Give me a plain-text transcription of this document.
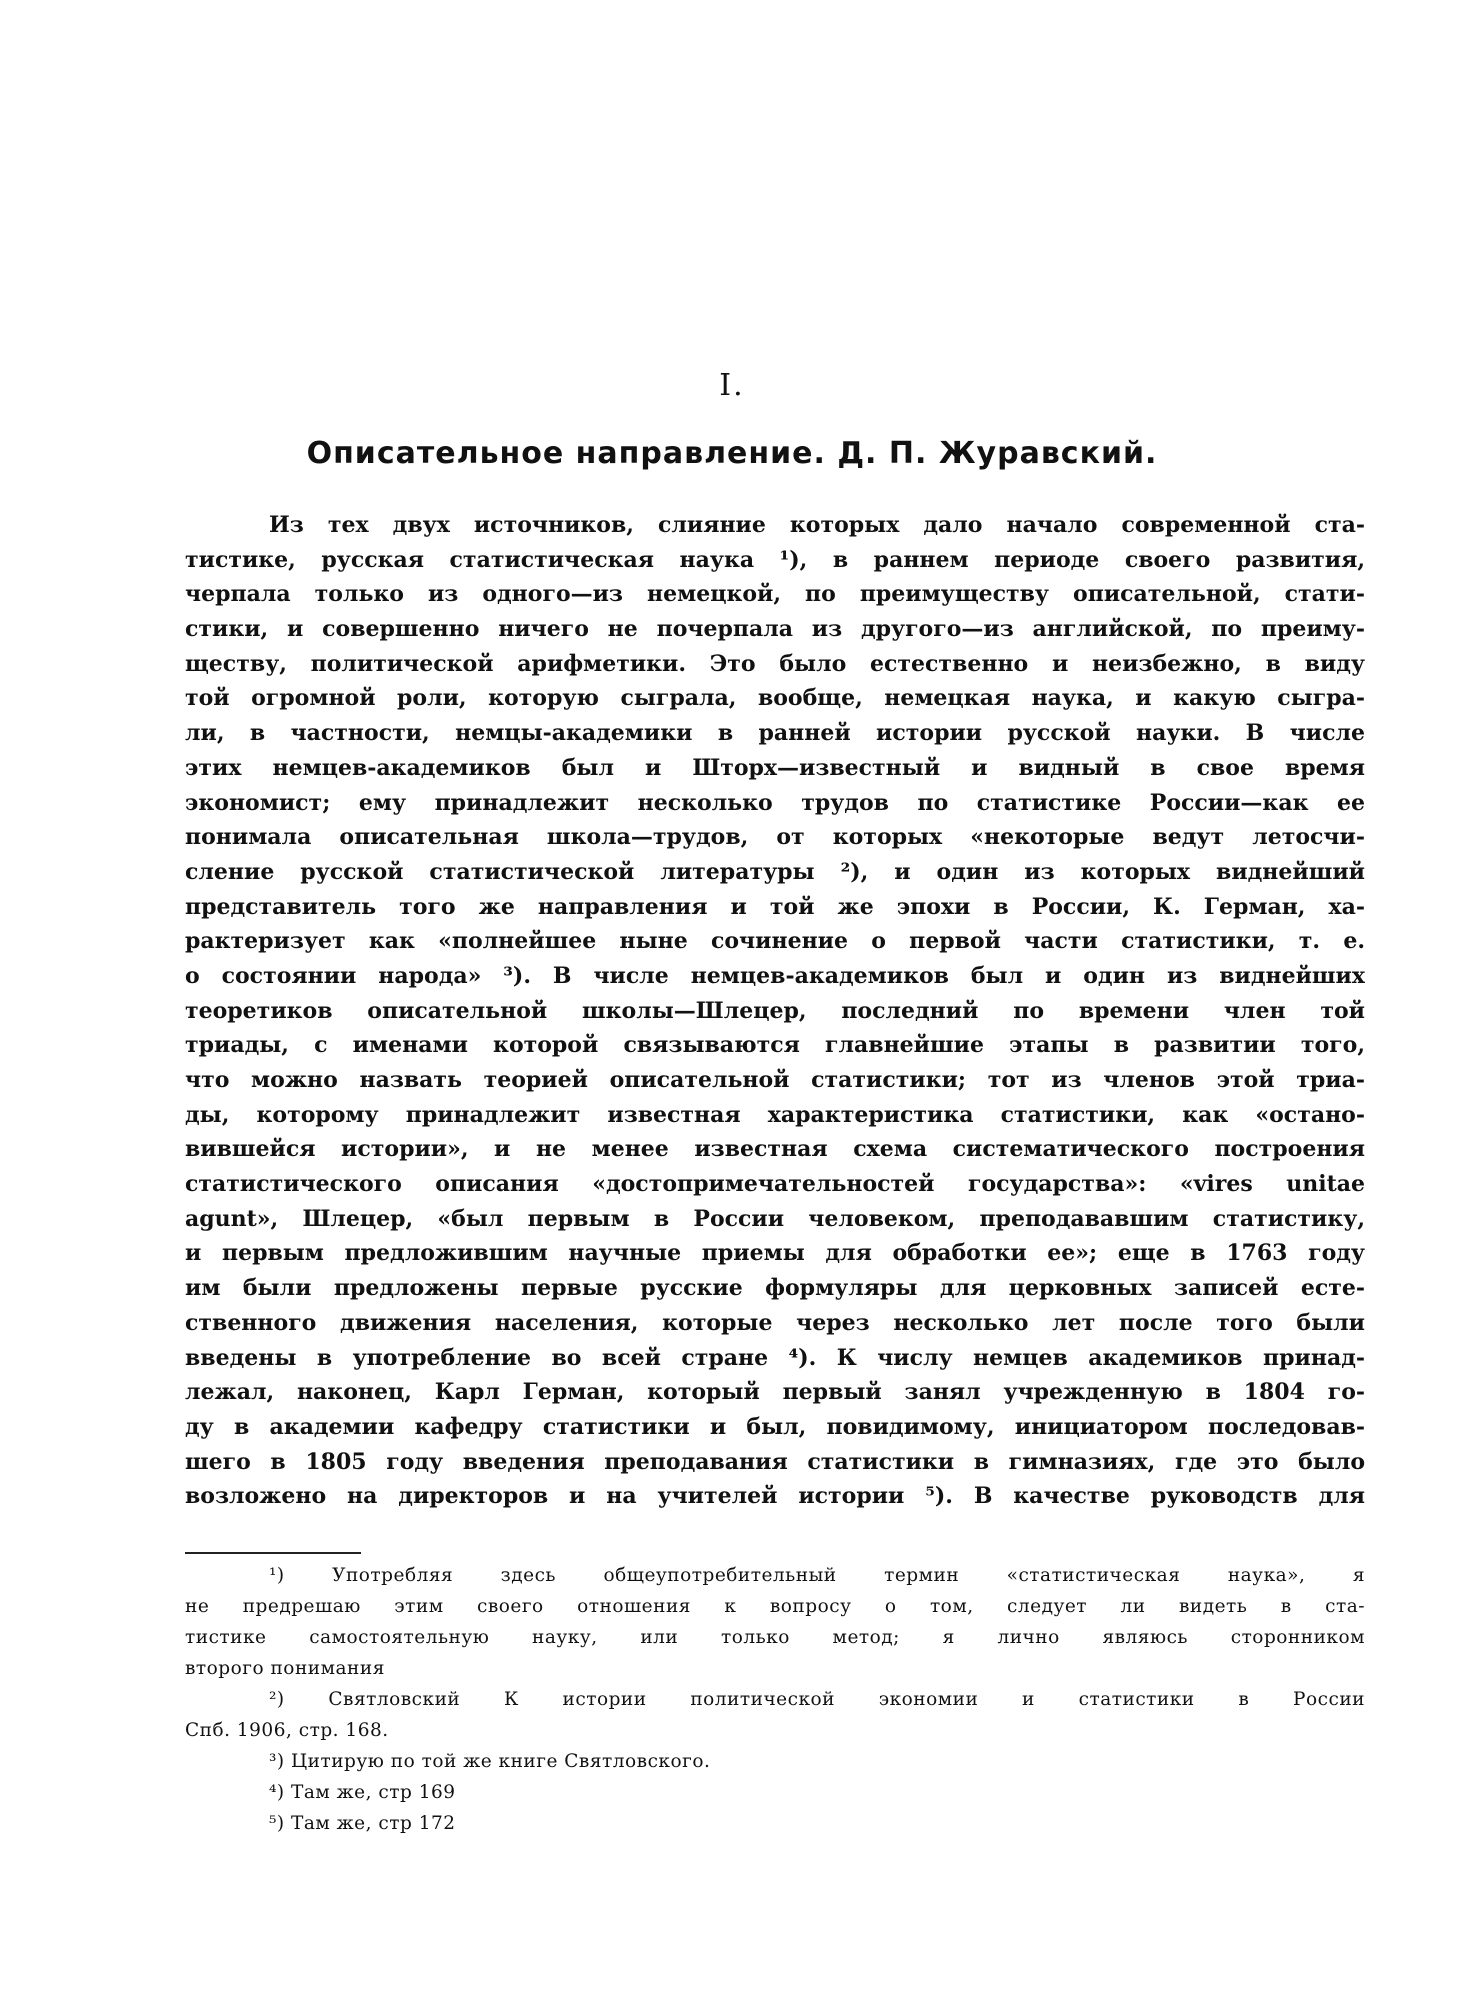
I.
Описательное направление. Д. П. Журавский.
Из тех двух источников, слияние которых дало начало современной ста-
тистике, русская статистическая наука ¹), в раннем периоде своего развития,
черпала только из одного—из немецкой, по преимуществу описательной, стати-
стики, и совершенно ничего не почерпала из другого—из английской, по преиму-
ществу, политической арифметики. Это было естественно и неизбежно, в виду
той огромной роли, которую сыграла, вообще, немецкая наука, и какую сыгра-
ли, в частности, немцы-академики в ранней истории русской науки. В числе
этих немцев-академиков был и Шторх—известный и видный в свое время
экономист; ему принадлежит несколько трудов по статистике России—как ее
понимала описательная школа—трудов, от которых «некоторые ведут летосчи-
сление русской статистической литературы ²), и один из которых виднейший
представитель того же направления и той же эпохи в России, К. Герман, ха-
рактеризует как «полнейшее ныне сочинение о первой части статистики, т. е.
о состоянии народа» ³). В числе немцев-академиков был и один из виднейших
теоретиков описательной школы—Шлецер, последний по времени член той
триады, с именами которой связываются главнейшие этапы в развитии того,
что можно назвать теорией описательной статистики; тот из членов этой триа-
ды, которому принадлежит известная характеристика статистики, как «остано-
вившейся истории», и не менее известная схема систематического построения
статистического описания «достопримечательностей государства»: «vires unitae
agunt», Шлецер, «был первым в России человеком, преподававшим статистику,
и первым предложившим научные приемы для обработки ее»; еще в 1763 году
им были предложены первые русские формуляры для церковных записей есте-
ственного движения населения, которые через несколько лет после того были
введены в употребление во всей стране ⁴). К числу немцев академиков принад-
лежал, наконец, Карл Герман, который первый занял учрежденную в 1804 го-
ду в академии кафедру статистики и был, повидимому, инициатором последовав-
шего в 1805 году введения преподавания статистики в гимназиях, где это было
возложено на директоров и на учителей истории ⁵). В качестве руководств для
¹) Употребляя здесь общеупотребительный термин «статистическая наука», я
не предрешаю этим своего отношения к вопросу о том, следует ли видеть в ста-
тистике самостоятельную науку, или только метод; я лично являюсь сторонником
второго понимания
²) Святловский К истории политической экономии и статистики в России
Спб. 1906, стр. 168.
³) Цитирую по той же книге Святловского.
⁴) Там же, стр 169
⁵) Там же, стр 172
